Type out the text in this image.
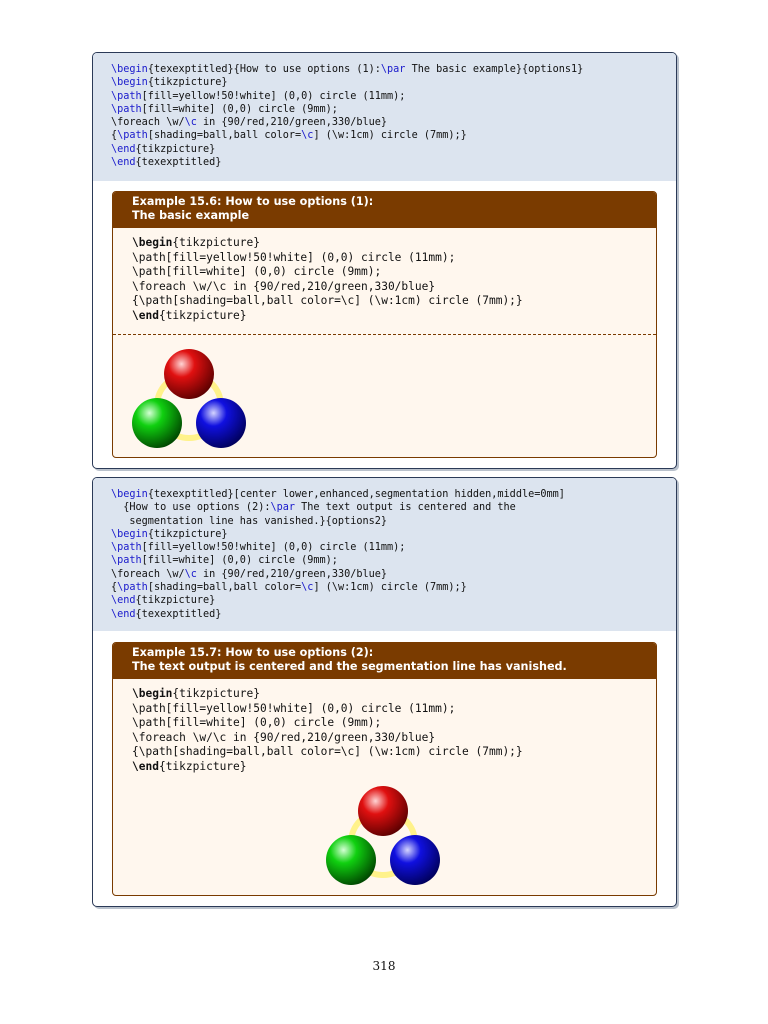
\begin{texexptitled}{How to use options (1):\par The basic example}{options1}
\begin{tikzpicture}
\path[fill=yellow!50!white] (0,0) circle (11mm);
\path[fill=white] (0,0) circle (9mm);
\foreach \w/\c in {90/red,210/green,330/blue}
{\path[shading=ball,ball color=\c] (\w:1cm) circle (7mm);}
\end{tikzpicture}
\end{texexptitled}
Example 15.6: How to use options (1):
The basic example
\begin{tikzpicture}
\path[fill=yellow!50!white] (0,0) circle (11mm);
\path[fill=white] (0,0) circle (9mm);
\foreach \w/\c in {90/red,210/green,330/blue}
{\path[shading=ball,ball color=\c] (\w:1cm) circle (7mm);}
\end{tikzpicture}
\begin{texexptitled}[center lower,enhanced,segmentation hidden,middle=0mm]
{How to use options (2):\par The text output is centered and the
segmentation line has vanished.}{options2}
\begin{tikzpicture}
\path[fill=yellow!50!white] (0,0) circle (11mm);
\path[fill=white] (0,0) circle (9mm);
\foreach \w/\c in {90/red,210/green,330/blue}
{\path[shading=ball,ball color=\c] (\w:1cm) circle (7mm);}
\end{tikzpicture}
\end{texexptitled}
Example 15.7: How to use options (2):
The text output is centered and the segmentation line has vanished.
\begin{tikzpicture}
\path[fill=yellow!50!white] (0,0) circle (11mm);
\path[fill=white] (0,0) circle (9mm);
\foreach \w/\c in {90/red,210/green,330/blue}
{\path[shading=ball,ball color=\c] (\w:1cm) circle (7mm);}
\end{tikzpicture}
318
